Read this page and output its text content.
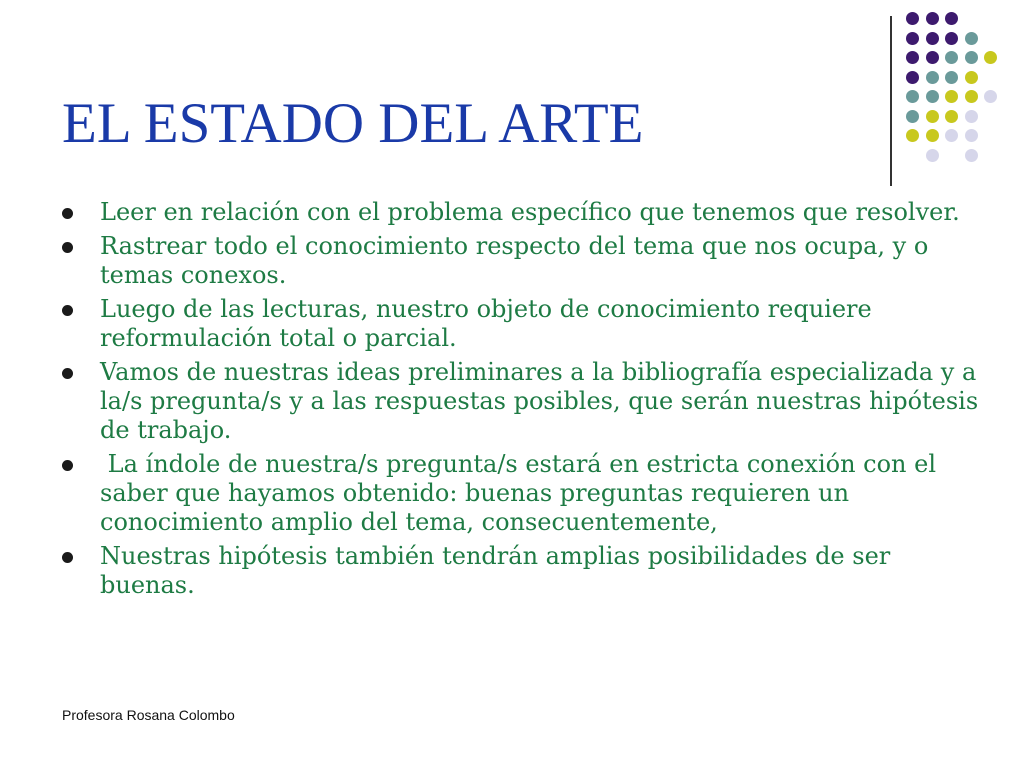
EL ESTADO DEL ARTE
Leer en relación con el problema específico que tenemos que resolver.
Rastrear todo el conocimiento respecto del tema que nos ocupa, y o temas conexos.
Luego de las lecturas, nuestro objeto de conocimiento requiere reformulación total o parcial.
Vamos de nuestras ideas preliminares a la bibliografía especializada y a la/s pregunta/s y a las respuestas posibles, que serán nuestras hipótesis de trabajo.
La índole de nuestra/s pregunta/s estará en estricta conexión con el saber que hayamos obtenido: buenas preguntas requieren un conocimiento amplio del tema, consecuentemente,
Nuestras hipótesis también tendrán amplias posibilidades de ser buenas.
Profesora Rosana Colombo
